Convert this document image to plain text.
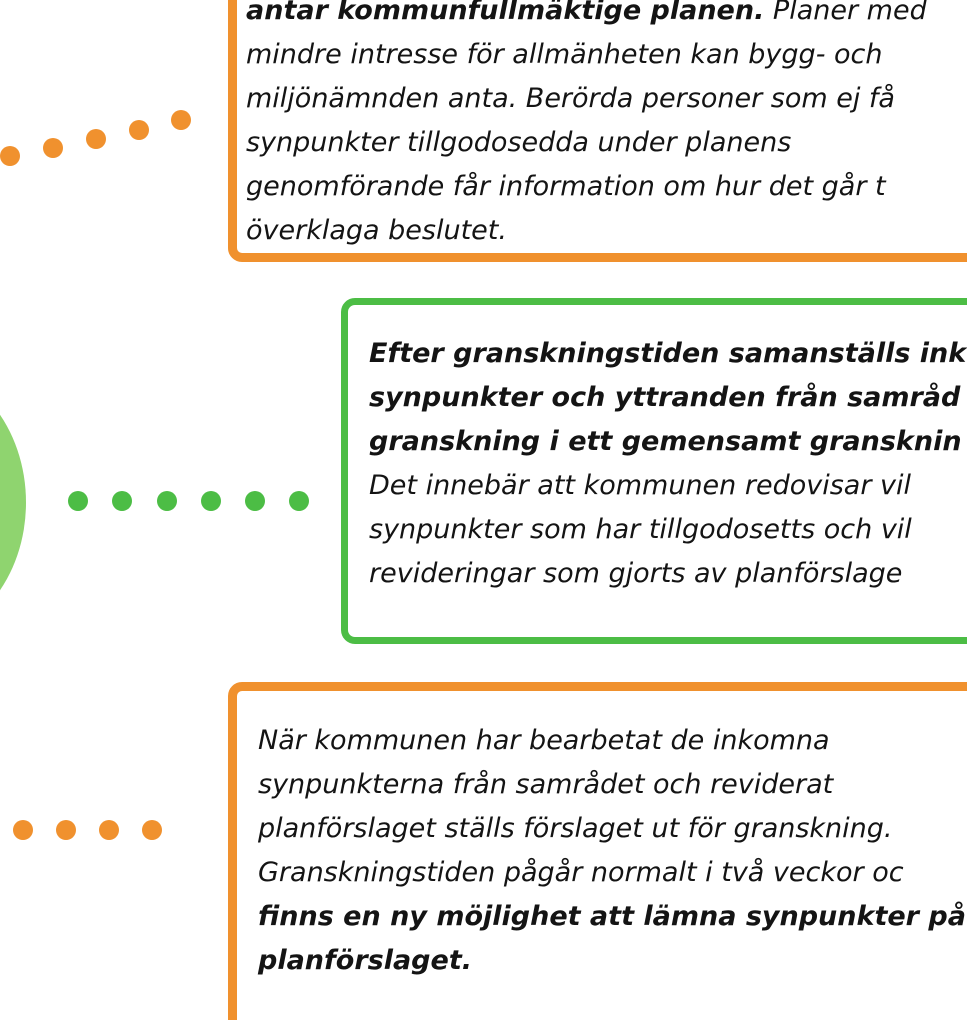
antar kommunfullmäktige planen. Planer med
mindre intresse för allmänheten kan bygg- och
miljönämnden anta. Berörda personer som ej få
synpunkter tillgodosedda under planens
genomförande får information om hur det går t
överklaga beslutet.
Efter granskningstiden samanställs ink
synpunkter och yttranden från samråd
granskning i ett gemensamt gransknin
Det innebär att kommunen redovisar vil
synpunkter som har tillgodosetts och vil
revideringar som gjorts av planförslage
När kommunen har bearbetat de inkomna
synpunkterna från samrådet och reviderat
planförslaget ställs förslaget ut för granskning.
Granskningstiden pågår normalt i två veckor oc
finns en ny möjlighet att lämna synpunkter på
planförslaget.
